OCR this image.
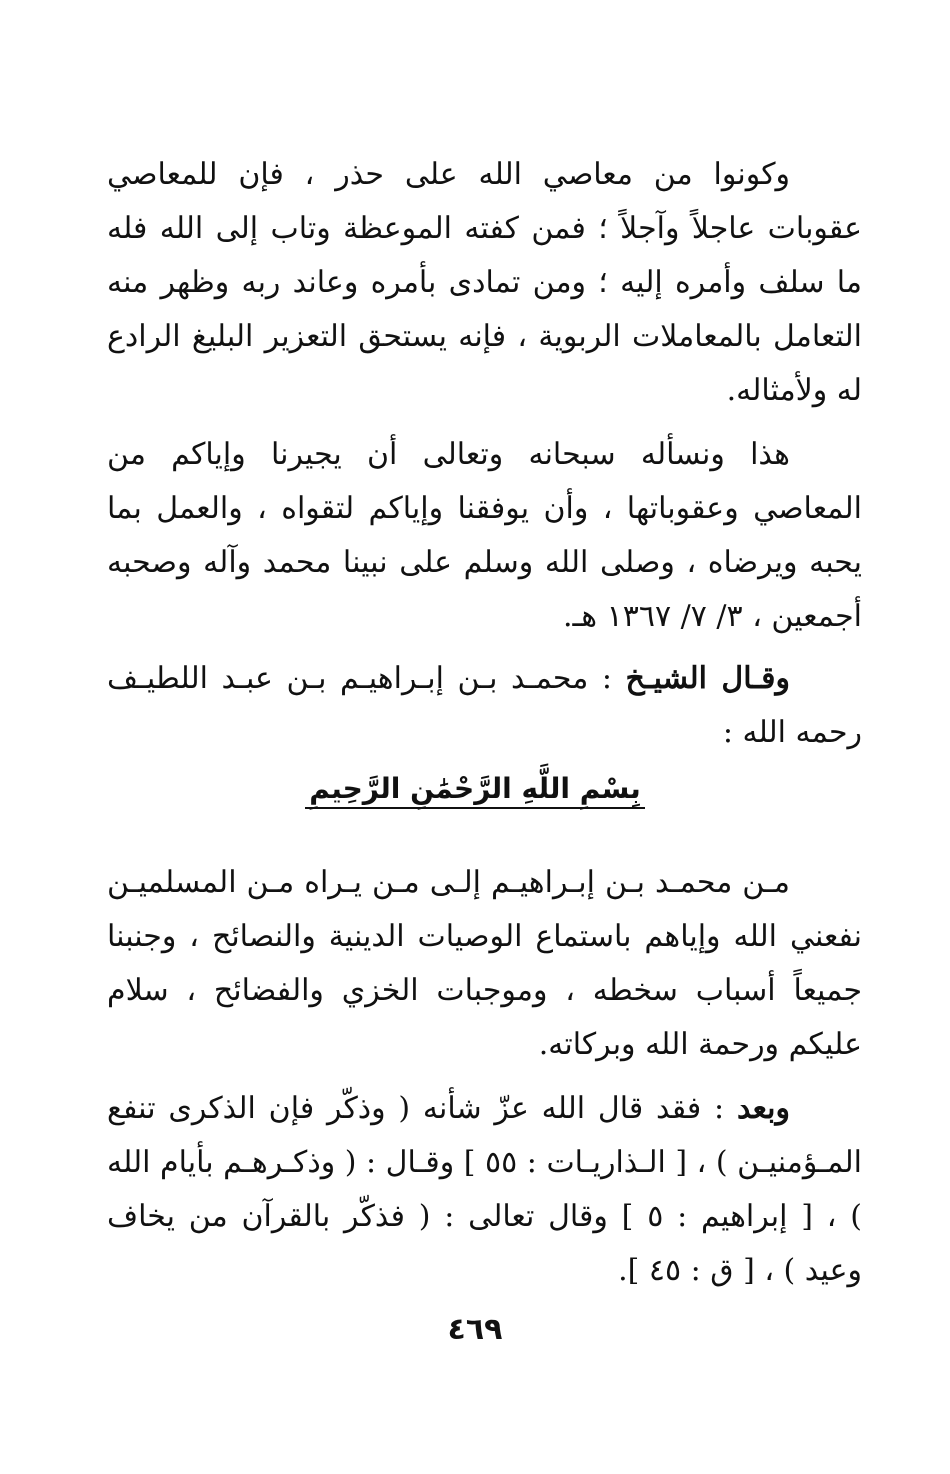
وكونوا من معاصي الله على حذر ، فإن للمعاصي عقوبات عاجلاً وآجلاً ؛ فمن كفته الموعظة وتاب إلى الله فله ما سلف وأمره إليه ؛ ومن تمادى بأمره وعاند ربه وظهر منه التعامل بالمعاملات الربوية ، فإنه يستحق التعزير البليغ الرادع له ولأمثاله.

هذا ونسأله سبحانه وتعالى أن يجيرنا وإياكم من المعاصي وعقوباتها ، وأن يوفقنا وإياكم لتقواه ، والعمل بما يحبه ويرضاه ، وصلى الله وسلم على نبينا محمد وآله وصحبه أجمعين ، ٣/ ٧/ ١٣٦٧ هـ.

وقـال الشيـخ : محمـد بـن إبـراهيـم بـن عبـد اللطيـف رحمه الله :

بِسْمِ اللَّهِ الرَّحْمَٰنِ الرَّحِيمِ

مـن محمـد بـن إبـراهيـم إلـى مـن يـراه مـن المسلميـن نفعني الله وإياهم باستماع الوصيات الدينية والنصائح ، وجنبنا جميعاً أسباب سخطه ، وموجبات الخزي والفضائح ، سلام عليكم ورحمة الله وبركاته.

وبعد : فقد قال الله عزّ شأنه ( وذكّر فإن الذكرى تنفع المـؤمنيـن ) ، [ الـذاريـات : ٥٥ ] وقـال : ( وذكـرهـم بأيام الله ) ، [ إبراهيم : ٥ ] وقال تعالى : ( فذكّر بالقرآن من يخاف وعيد ) ، [ ق : ٤٥ ].

٤٦٩
